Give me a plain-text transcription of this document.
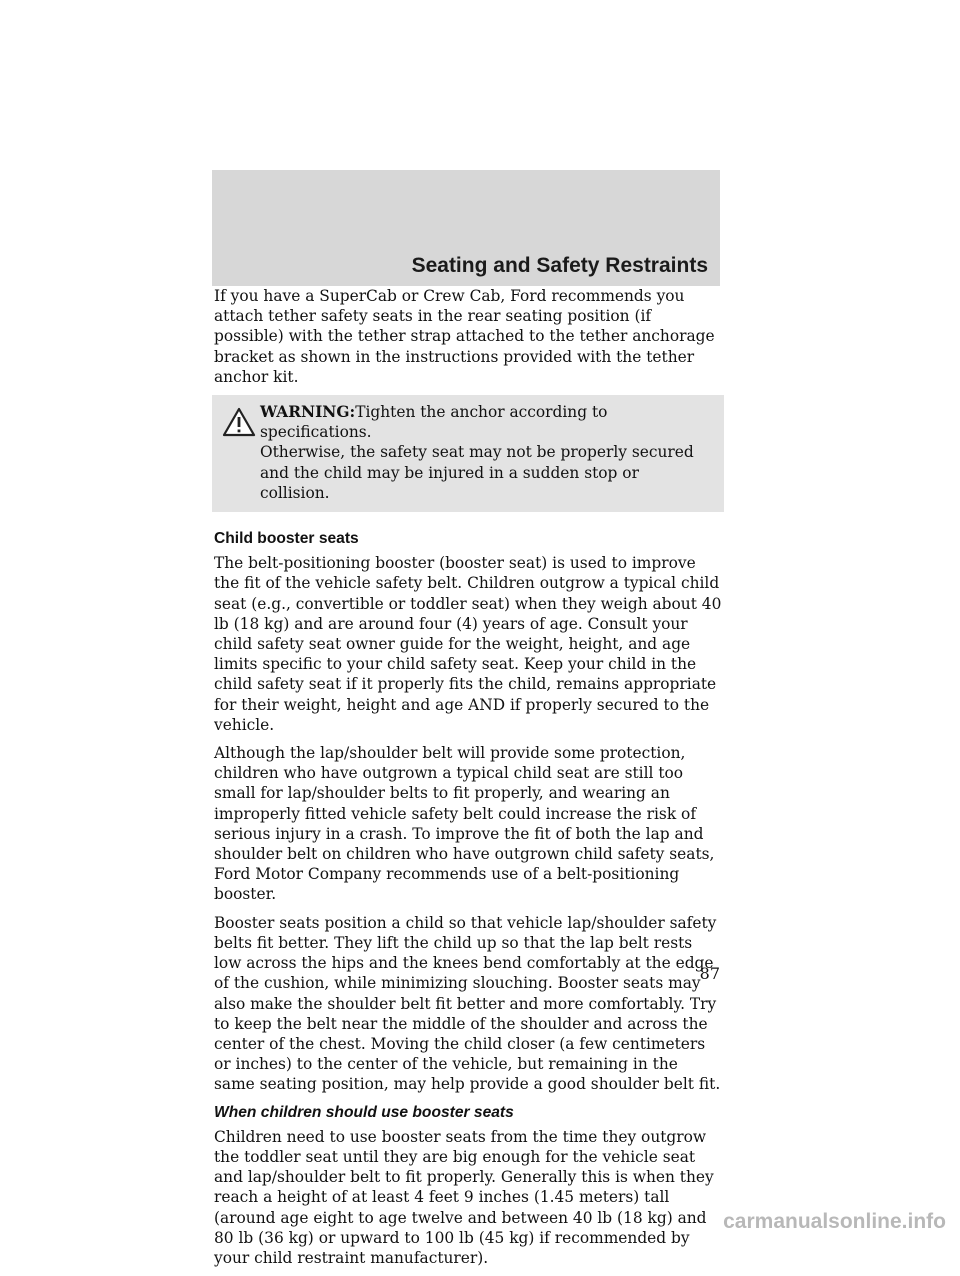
Seating and Safety Restraints

If you have a SuperCab or Crew Cab, Ford recommends you attach tether safety seats in the rear seating position (if possible) with the tether strap attached to the tether anchorage bracket as shown in the instructions provided with the tether anchor kit.

WARNING:Tighten the anchor according to specifications.
Otherwise, the safety seat may not be properly secured and the child may be injured in a sudden stop or collision.
Child booster seats

The belt-positioning booster (booster seat) is used to improve the fit of the vehicle safety belt. Children outgrow a typical child seat (e.g., convertible or toddler seat) when they weigh about 40 lb (18 kg) and are around four (4) years of age. Consult your child safety seat owner guide for the weight, height, and age limits specific to your child safety seat. Keep your child in the child safety seat if it properly fits the child, remains appropriate for their weight, height and age AND if properly secured to the vehicle.

Although the lap/shoulder belt will provide some protection, children who have outgrown a typical child seat are still too small for lap/shoulder belts to fit properly, and wearing an improperly fitted vehicle safety belt could increase the risk of serious injury in a crash. To improve the fit of both the lap and shoulder belt on children who have outgrown child safety seats, Ford Motor Company recommends use of a belt-positioning booster.

Booster seats position a child so that vehicle lap/shoulder safety belts fit better. They lift the child up so that the lap belt rests low across the hips and the knees bend comfortably at the edge of the cushion, while minimizing slouching. Booster seats may also make the shoulder belt fit better and more comfortably. Try to keep the belt near the middle of the shoulder and across the center of the chest. Moving the child closer (a few centimeters or inches) to the center of the vehicle, but remaining in the same seating position, may help provide a good shoulder belt fit.

When children should use booster seats

Children need to use booster seats from the time they outgrow the toddler seat until they are big enough for the vehicle seat and lap/shoulder belt to fit properly. Generally this is when they reach a height of at least 4 feet 9 inches (1.45 meters) tall (around age eight to age twelve and between 40 lb (18 kg) and 80 lb (36 kg) or upward to 100 lb (45 kg) if recommended by your child restraint manufacturer).

87
carmanualsonline.info
